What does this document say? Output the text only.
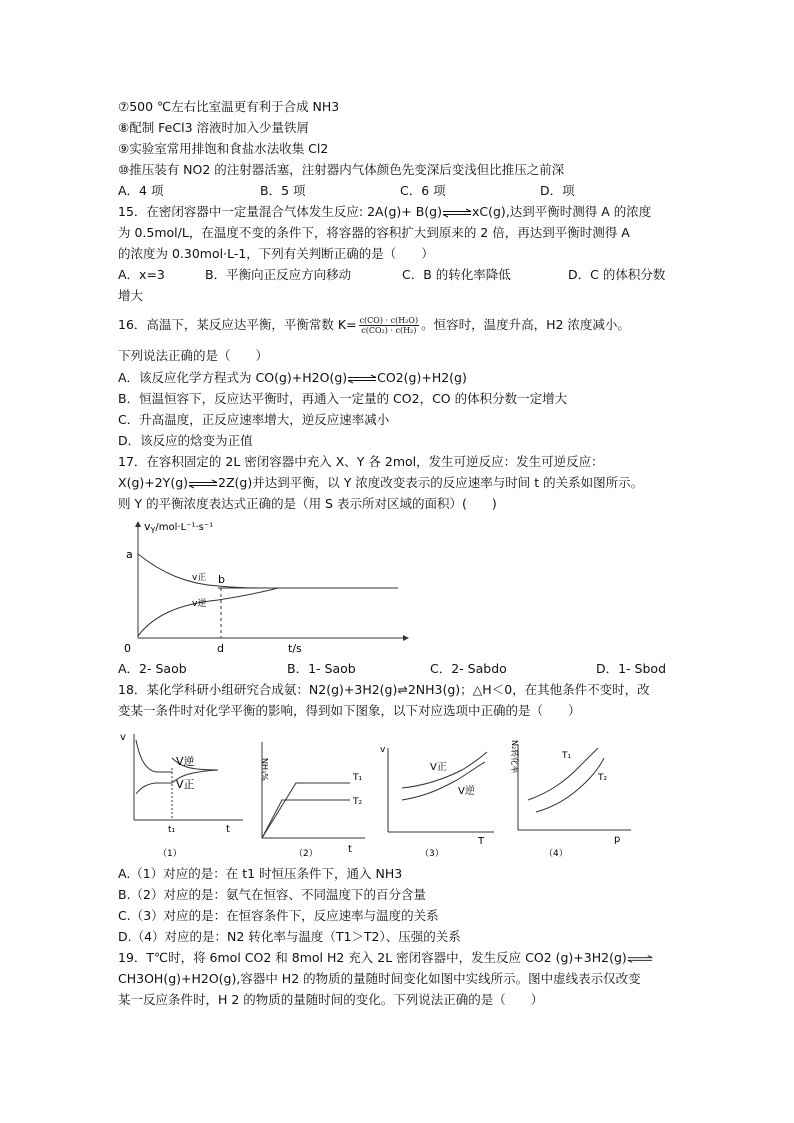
⑦500 ℃左右比室温更有利于合成 NH3
⑧配制 FeCl3 溶液时加入少量铁屑
⑨实验室常用排饱和食盐水法收集 Cl2
⑩推压装有 NO2 的注射器活塞，注射器内气体颜色先变深后变浅但比推压之前深
A．4 项	B．5 项	C．6 项	D．项
15．在密闭容器中一定量混合气体发生反应: 2A(g)+ B(g)⇌xC(g),达到平衡时测得 A 的浓度
为 0.5mol/L，在温度不变的条件下，将容器的容积扩大到原来的 2 倍，再达到平衡时测得 A
的浓度为 0.30mol·L-1，下列有关判断正确的是（　　）
A．x=3	B．平衡向正反应方向移动	C．B 的转化率降低	D．C 的体积分数
增大
16．高温下，某反应达平衡，平衡常数 $K= \frac{\text{c(CO) · c(H₂O)}}{\text{c(CO₂) · c(H₂)}}$ 。恒容时，温度升高，H2 浓度减小。
下列说法正确的是（　　）
A．该反应化学方程式为 CO(g)+H2O(g)⇌CO2(g)+H2(g)
B．恒温恒容下，反应达平衡时，再通入一定量的 CO2，CO 的体积分数一定增大
C．升高温度，正反应速率增大，逆反应速率减小
D．该反应的焓变为正值
17．在容积固定的 2L 密闭容器中充入 X、Y 各 2mol，发生可逆反应：发生可逆反应：
X(g)+2Y(g)⇌2Z(g)并达到平衡，以 Y 浓度改变表示的反应速率与时间 t 的关系如图所示。
则 Y 的平衡浓度表达式正确的是（用 S 表示所对区域的面积）(　　)
$v_Y/mol\cdot L^{-1}\cdot s^{-1}$
a
b
v正
v逆
0	d	t/s
A．2- Saob	B．1- Saob	C．2- Sabdo	D．1- Sbod
18．某化学科研小组研究合成氨：N2(g)+3H2(g)⇌2NH3(g)；△H＜0，在其他条件不变时，改
变某一条件时对化学平衡的影响，得到如下图象，以下对应选项中正确的是（　　）
v
V逆
V正
t₁	t
（1）
NH₃%	T₁
T₂
t
（2）
v
V正
V逆
T
（3）
N₂转化率	T₁
T₂
p
（4）
A.（1）对应的是：在 t1 时恒压条件下，通入 NH3
B.（2）对应的是：氨气在恒容、不同温度下的百分含量
C.（3）对应的是：在恒容条件下，反应速率与温度的关系
D.（4）对应的是：N2 转化率与温度（T1＞T2）、压强的关系
19．T℃时，将 6mol CO2 和 8mol H2 充入 2L 密闭容器中，发生反应 CO2 (g)+3H2(g)⇌
CH3OH(g)+H2O(g),容器中 H2 的物质的量随时间变化如图中实线所示。图中虚线表示仅改变
某一反应条件时，H 2 的物质的量随时间的变化。下列说法正确的是（　　）
